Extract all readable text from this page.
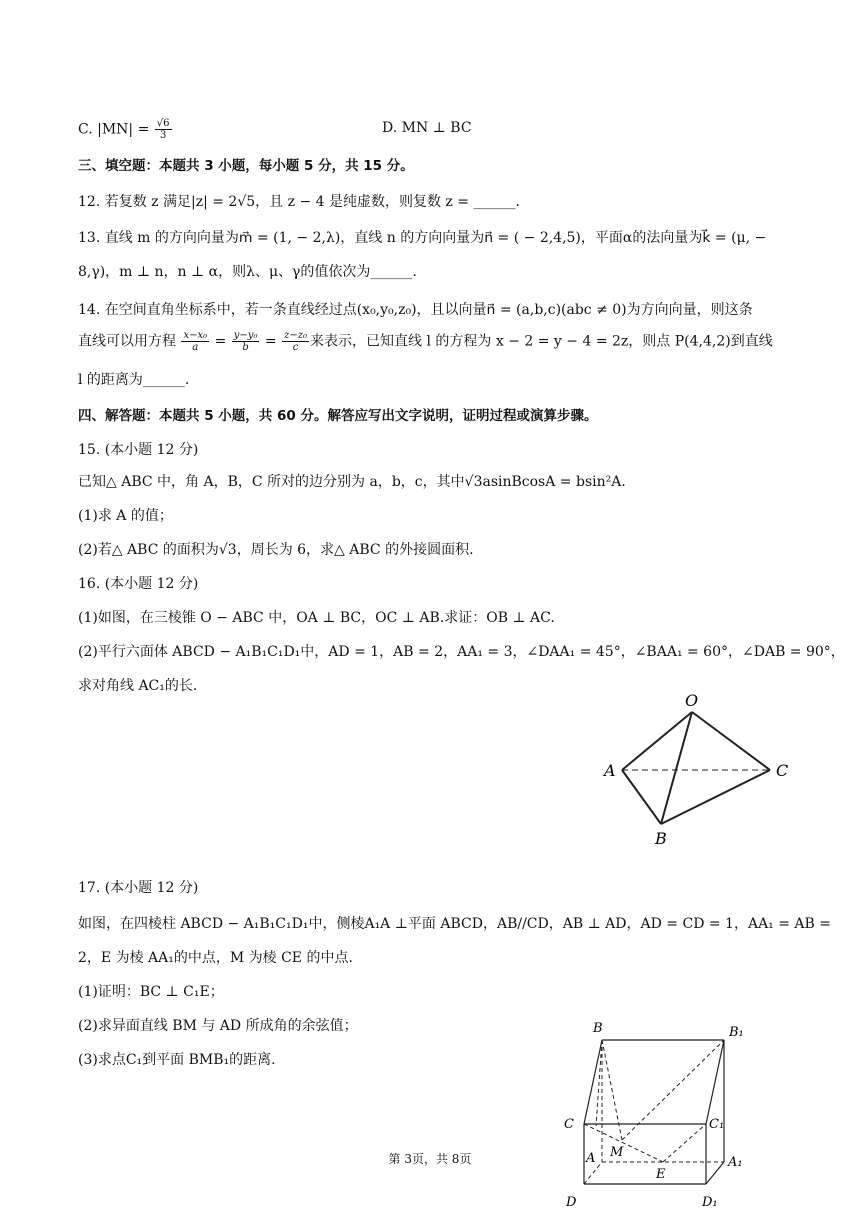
C. $|MN| = \frac{√6}{3}$	D. MN ⊥ BC
三、填空题：本题共 3 小题，每小题 5 分，共 15 分。
12. 若复数 z 满足|z| = 2√5，且 z − 4 是纯虚数，则复数 z = ______.
13. 直线 m 的方向向量为m⃗ = (1, − 2,λ)，直线 n 的方向向量为n⃗ = ( − 2,4,5)，平面α的法向量为k⃗ = (μ, −
8,γ)，m ⊥ n，n ⊥ α，则λ、μ、γ的值依次为______.
14. 在空间直角坐标系中，若一条直线经过点(x₀,y₀,z₀)，且以向量n⃗ = (a,b,c)(abc ≠ 0)为方向向量，则这条
直线可以用方程 $\frac{\text{x−x₀}}{a} = \frac{\text{y−y₀}}{b} = \frac{\text{z−z₀}}{c}$ 来表示，已知直线 l 的方程为 x − 2 = y − 4 = 2z，则点 P(4,4,2)到直线
l 的距离为______.
四、解答题：本题共 5 小题，共 60 分。解答应写出文字说明，证明过程或演算步骤。
15. (本小题 12 分)
已知△ ABC 中，角 A，B，C 所对的边分别为 a，b，c，其中√3asinBcosA = bsin²A.
(1)求 A 的值；
(2)若△ ABC 的面积为√3，周长为 6，求△ ABC 的外接圆面积.
16. (本小题 12 分)
(1)如图，在三棱锥 O − ABC 中，OA ⊥ BC，OC ⊥ AB.求证：OB ⊥ AC.
(2)平行六面体 ABCD − A₁B₁C₁D₁中，AD = 1，AB = 2，AA₁ = 3，∠DAA₁ = 45°，∠BAA₁ = 60°，∠DAB = 90°，
求对角线 AC₁的长.
O
A	C
B
17. (本小题 12 分)
如图，在四棱柱 ABCD − A₁B₁C₁D₁中，侧棱A₁A ⊥平面 ABCD，AB//CD，AB ⊥ AD，AD = CD = 1，AA₁ = AB =
2，E 为棱 AA₁的中点，M 为棱 CE 的中点.
(1)证明：BC ⊥ C₁E；
(2)求异面直线 BM 与 AD 所成角的余弦值；
(3)求点C₁到平面 BMB₁的距离.
B	B₁
C	C₁
A	A₁
M
E
D	D₁
第 3页，共 8页
